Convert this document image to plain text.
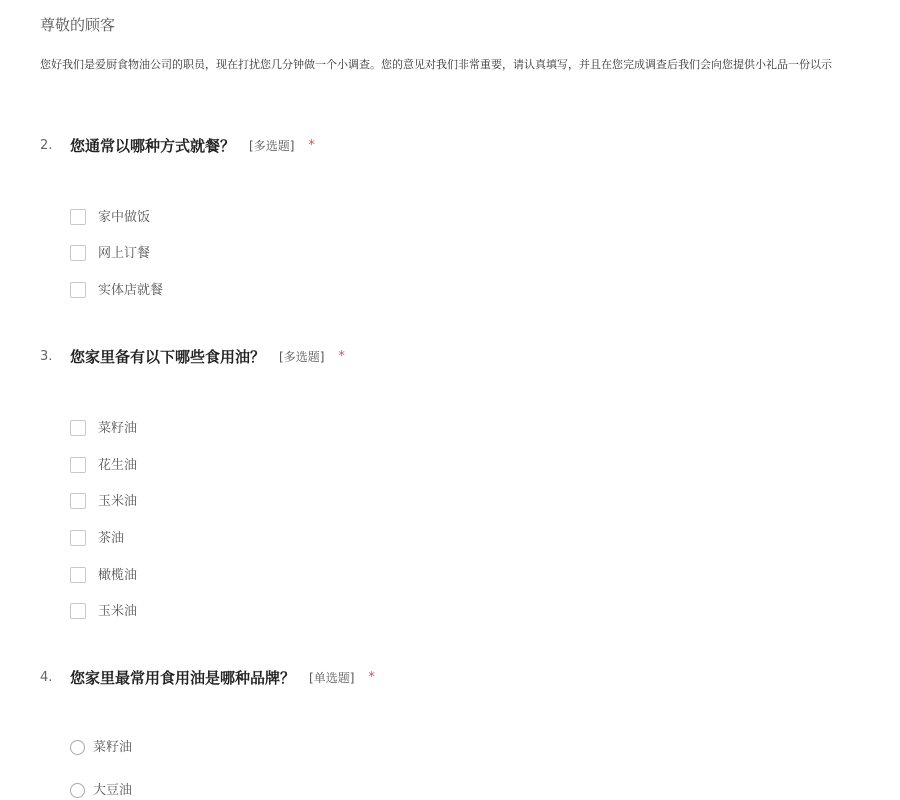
尊敬的顾客
您好我们是爱厨食物油公司的职员，现在打扰您几分钟做一个小调查。您的意见对我们非常重要，请认真填写，并且在您完成调查后我们会向您提供小礼品一份以示
2. 您通常以哪种方式就餐？ [多选题] *
家中做饭
网上订餐
实体店就餐
3. 您家里备有以下哪些食用油？ [多选题] *
菜籽油
花生油
玉米油
茶油
橄榄油
玉米油
4. 您家里最常用食用油是哪种品牌？ [单选题] *
菜籽油
大豆油
